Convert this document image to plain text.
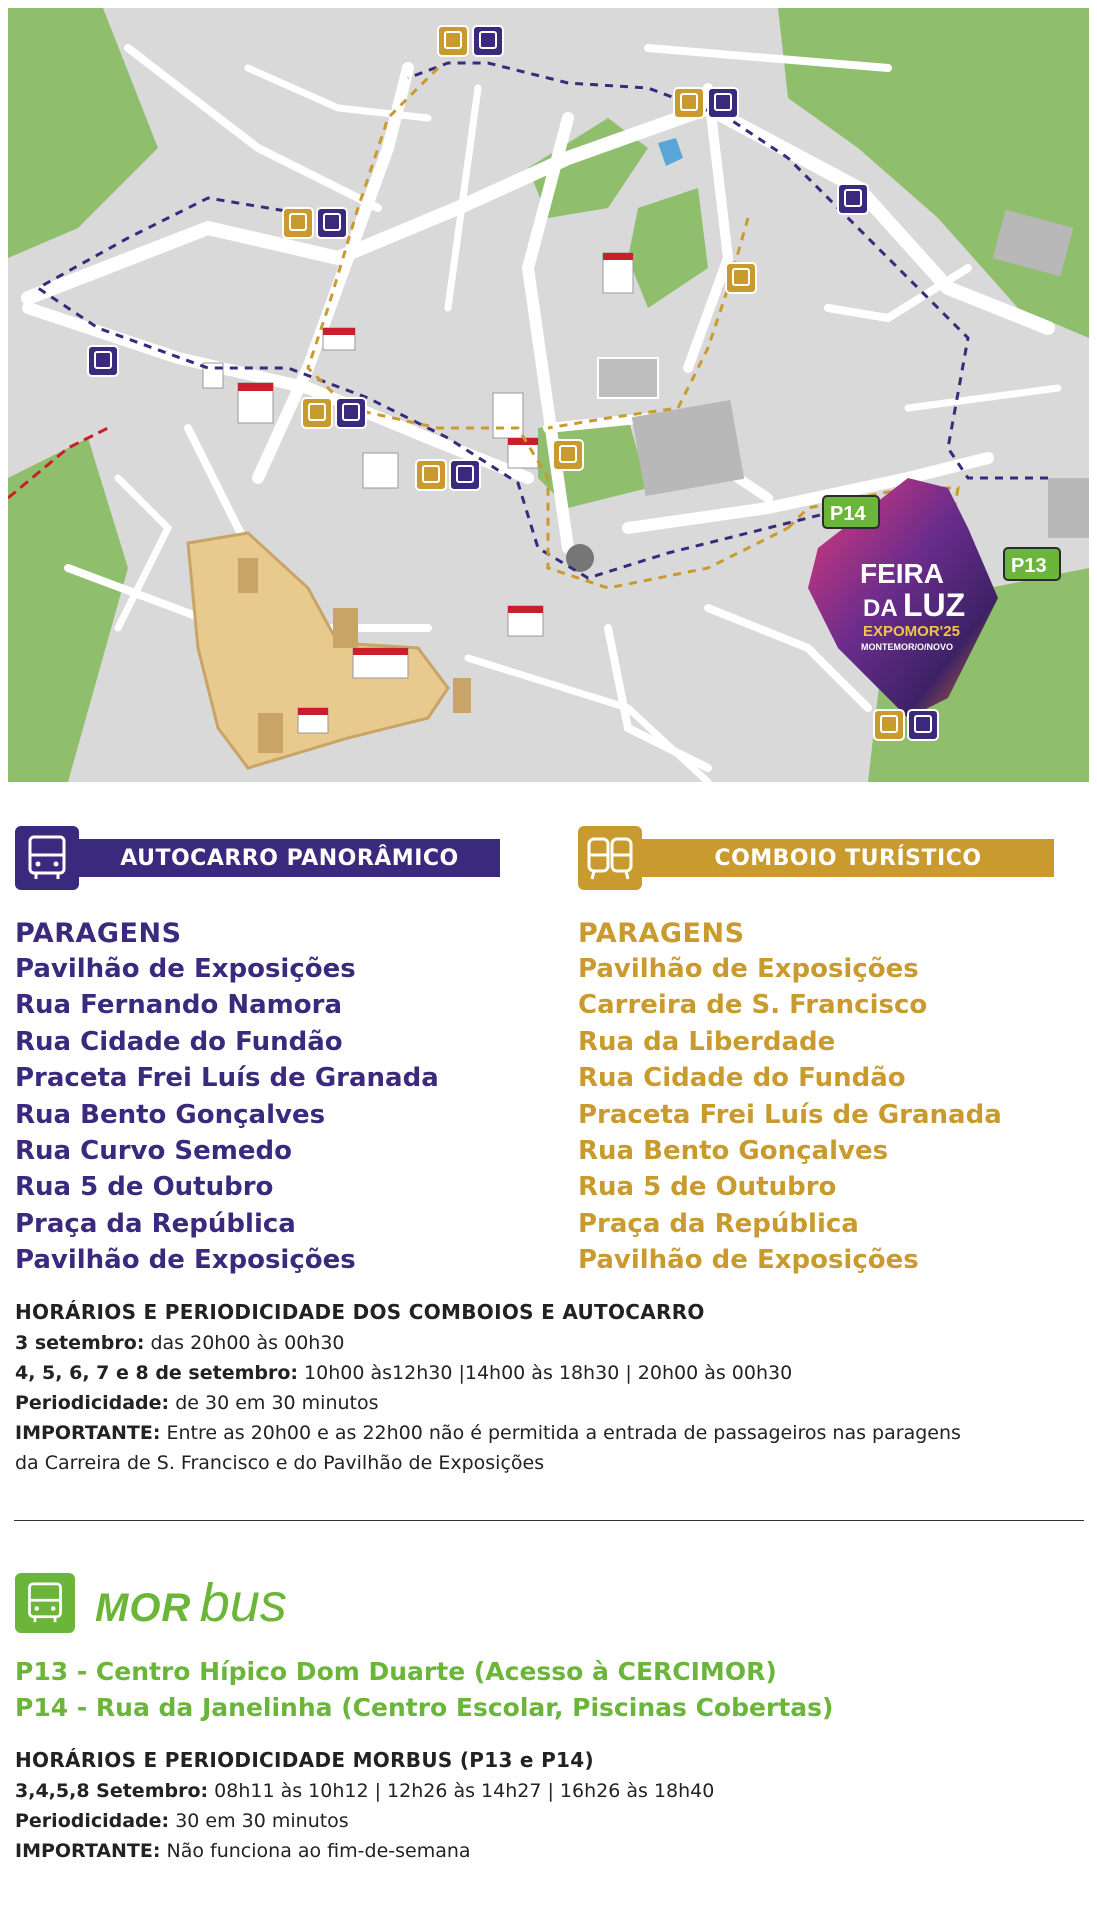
FEIRA
DA LUZ
EXPOMOR'25
MONTEMOR/O/NOVO
P14
P13
AUTOCARRO PANORÂMICO
PARAGENS
Pavilhão de Exposições
Rua Fernando Namora
Rua Cidade do Fundão
Praceta Frei Luís de Granada
Rua Bento Gonçalves
Rua Curvo Semedo
Rua 5 de Outubro
Praça da República
Pavilhão de Exposições
COMBOIO TURÍSTICO
PARAGENS
Pavilhão de Exposições
Carreira de S. Francisco
Rua da Liberdade
Rua Cidade do Fundão
Praceta Frei Luís de Granada
Rua Bento Gonçalves
Rua 5 de Outubro
Praça da República
Pavilhão de Exposições
HORÁRIOS E PERIODICIDADE DOS COMBOIOS E AUTOCARRO
3 setembro: das 20h00 às 00h30
4, 5, 6, 7 e 8 de setembro: 10h00 às12h30 |14h00 às 18h30 | 20h00 às 00h30
Periodicidade: de 30 em 30 minutos
IMPORTANTE: Entre as 20h00 e as 22h00 não é permitida a entrada de passageiros nas paragens
da Carreira de S. Francisco e do Pavilhão de Exposições
MOR bus
P13 - Centro Hípico Dom Duarte (Acesso à CERCIMOR)
P14 - Rua da Janelinha (Centro Escolar, Piscinas Cobertas)
HORÁRIOS E PERIODICIDADE MORBUS (P13 e P14)
3,4,5,8 Setembro: 08h11 às 10h12 | 12h26 às 14h27 | 16h26 às 18h40
Periodicidade: 30 em 30 minutos
IMPORTANTE: Não funciona ao fim-de-semana
